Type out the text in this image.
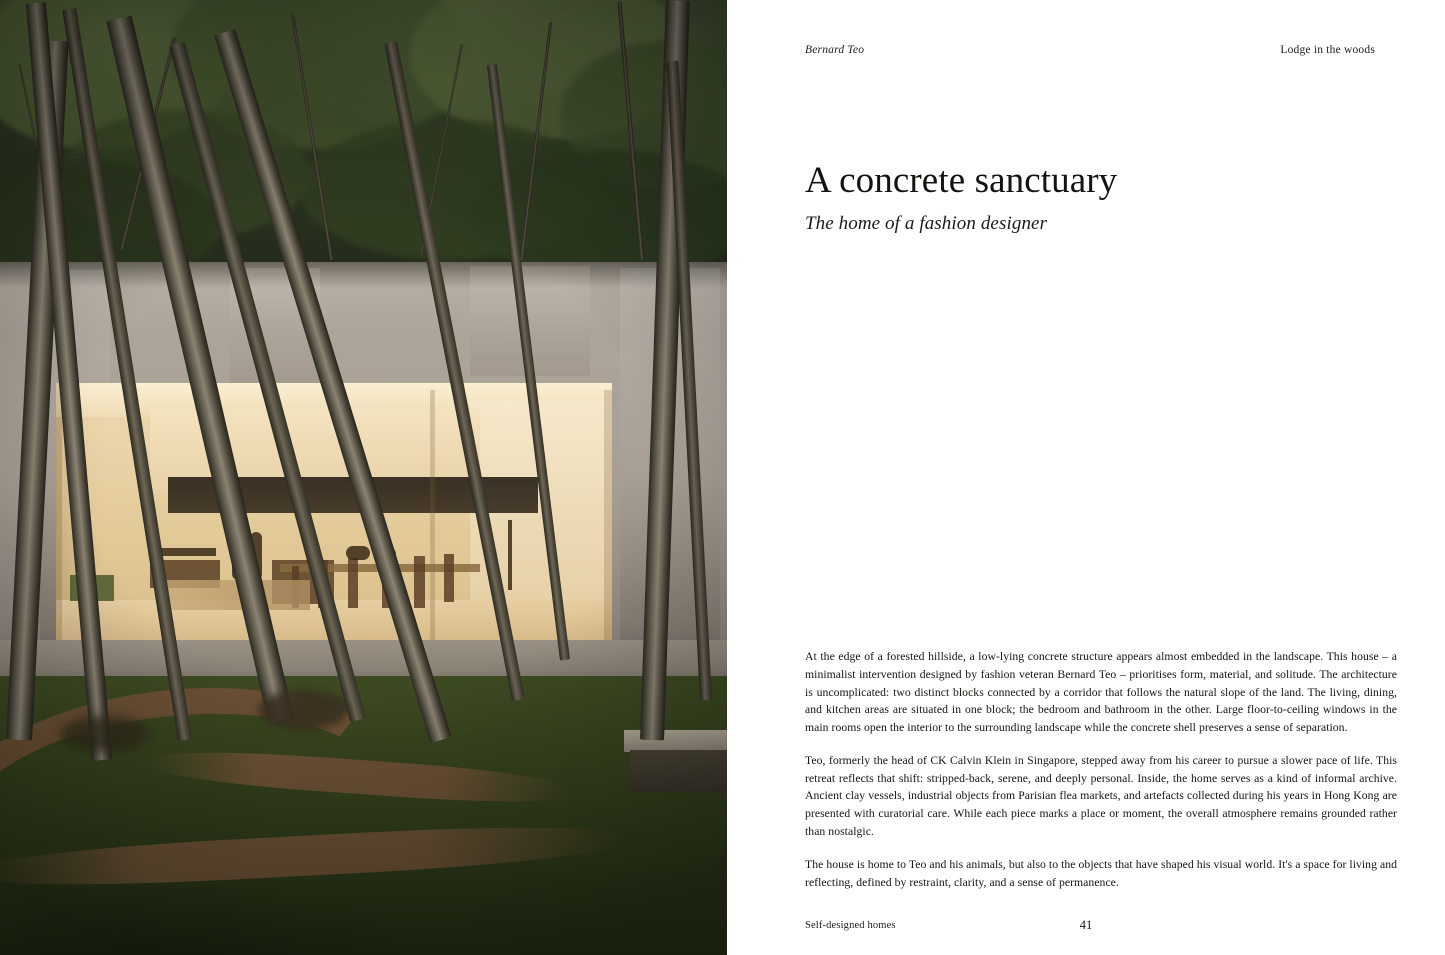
Bernard Teo	Lodge in the woods
A concrete sanctuary
The home of a fashion designer

At the edge of a forested hillside, a low-lying concrete structure appears almost embedded in the landscape. This house – a minimalist intervention designed by fashion veteran Bernard Teo – prioritises form, material, and solitude. The architecture is uncomplicated: two distinct blocks connected by a corridor that follows the natural slope of the land. The living, dining, and kitchen areas are situated in one block; the bedroom and bathroom in the other. Large floor-to-ceiling windows in the main rooms open the interior to the surrounding landscape while the concrete shell preserves a sense of separation.

Teo, formerly the head of CK Calvin Klein in Singapore, stepped away from his career to pursue a slower pace of life. This retreat reflects that shift: stripped-back, serene, and deeply personal. Inside, the home serves as a kind of informal archive. Ancient clay vessels, industrial objects from Parisian flea markets, and artefacts collected during his years in Hong Kong are presented with curatorial care. While each piece marks a place or moment, the overall atmosphere remains grounded rather than nostalgic.

The house is home to Teo and his animals, but also to the objects that have shaped his visual world. It's a space for living and reflecting, defined by restraint, clarity, and a sense of permanence.

Self-designed homes	41
